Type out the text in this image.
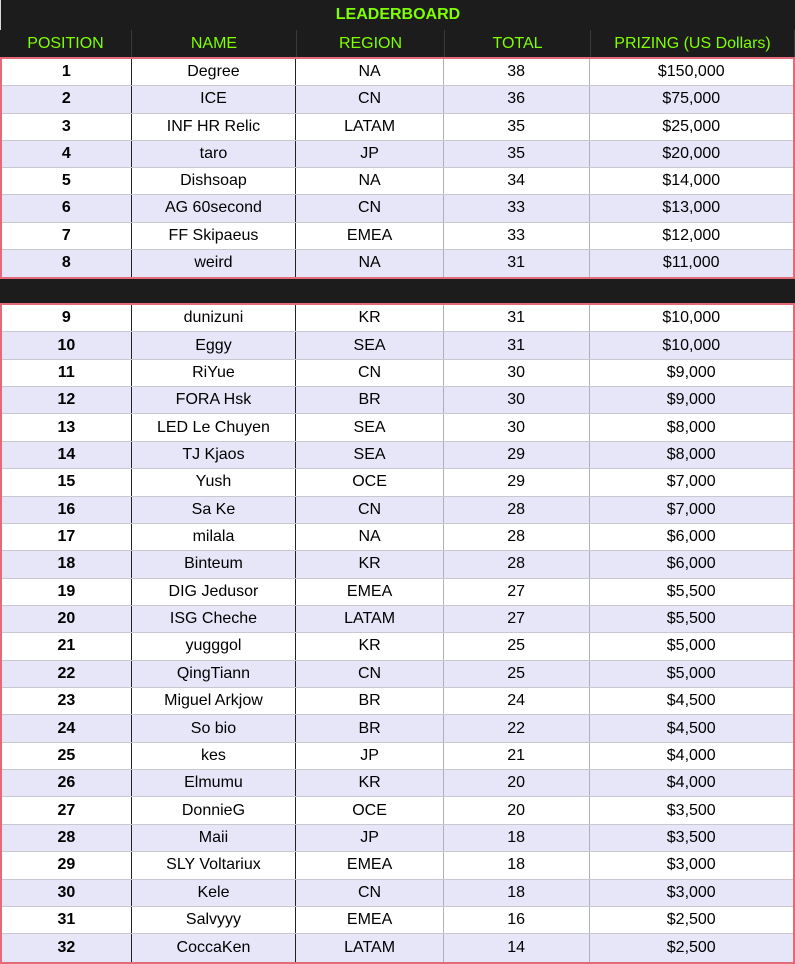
LEADERBOARD
POSITION	NAME	REGION	TOTAL	PRIZING (US Dollars)
1	Degree	NA	38	$150,000
2	ICE	CN	36	$75,000
3	INF HR Relic	LATAM	35	$25,000
4	taro	JP	35	$20,000
5	Dishsoap	NA	34	$14,000
6	AG 60second	CN	33	$13,000
7	FF Skipaeus	EMEA	33	$12,000
8	weird	NA	31	$11,000
9	dunizuni	KR	31	$10,000
10	Eggy	SEA	31	$10,000
11	RiYue	CN	30	$9,000
12	FORA Hsk	BR	30	$9,000
13	LED Le Chuyen	SEA	30	$8,000
14	TJ Kjaos	SEA	29	$8,000
15	Yush	OCE	29	$7,000
16	Sa Ke	CN	28	$7,000
17	milala	NA	28	$6,000
18	Binteum	KR	28	$6,000
19	DIG Jedusor	EMEA	27	$5,500
20	ISG Cheche	LATAM	27	$5,500
21	yugggol	KR	25	$5,000
22	QingTiann	CN	25	$5,000
23	Miguel Arkjow	BR	24	$4,500
24	So bio	BR	22	$4,500
25	kes	JP	21	$4,000
26	Elmumu	KR	20	$4,000
27	DonnieG	OCE	20	$3,500
28	Maii	JP	18	$3,500
29	SLY Voltariux	EMEA	18	$3,000
30	Kele	CN	18	$3,000
31	Salvyyy	EMEA	16	$2,500
32	CoccaKen	LATAM	14	$2,500
